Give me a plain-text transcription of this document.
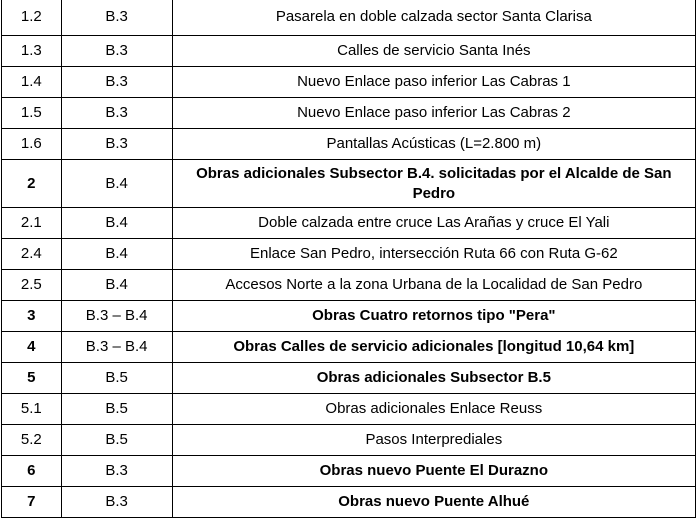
1.2	B.3	Pasarela en doble calzada sector Santa Clarisa
1.3	B.3	Calles de servicio Santa Inés
1.4	B.3	Nuevo Enlace paso inferior Las Cabras 1
1.5	B.3	Nuevo Enlace paso inferior Las Cabras 2
1.6	B.3	Pantallas Acústicas (L=2.800 m)
2	B.4	Obras adicionales Subsector B.4. solicitadas por el Alcalde de San Pedro
2.1	B.4	Doble calzada entre cruce Las Arañas y cruce El Yali
2.4	B.4	Enlace San Pedro, intersección Ruta 66 con Ruta G-62
2.5	B.4	Accesos Norte a la zona Urbana de la Localidad de San Pedro
3	B.3 – B.4	Obras Cuatro retornos tipo "Pera"
4	B.3 – B.4	Obras Calles de servicio adicionales [longitud 10,64 km]
5	B.5	Obras adicionales Subsector B.5
5.1	B.5	Obras adicionales Enlace Reuss
5.2	B.5	Pasos Interprediales
6	B.3	Obras nuevo Puente El Durazno
7	B.3	Obras nuevo Puente Alhué
